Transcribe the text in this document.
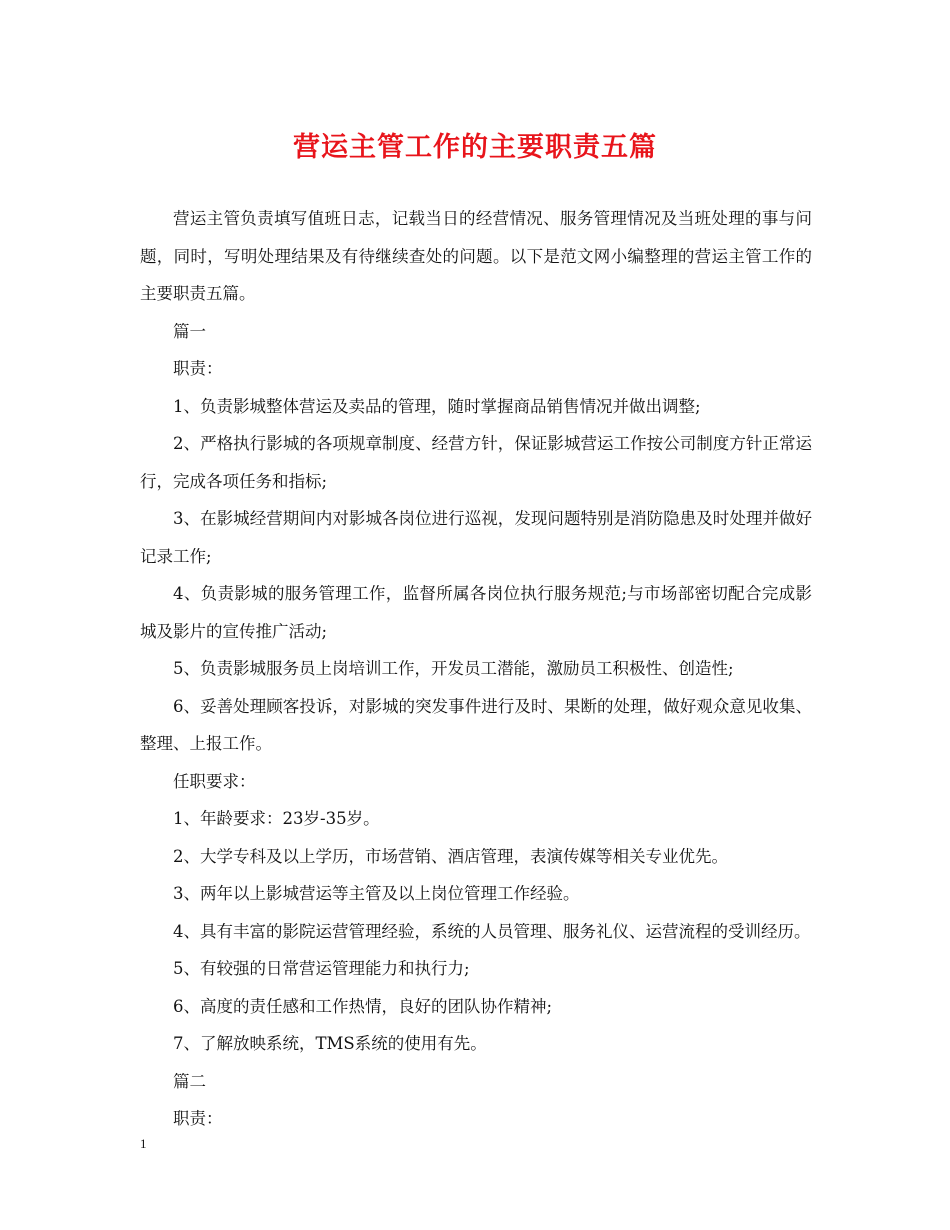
营运主管工作的主要职责五篇

营运主管负责填写值班日志，记载当日的经营情况、服务管理情况及当班处理的事与问题，同时，写明处理结果及有待继续查处的问题。以下是范文网小编整理的营运主管工作的主要职责五篇。

篇一

职责：

1、负责影城整体营运及卖品的管理，随时掌握商品销售情况并做出调整;

2、严格执行影城的各项规章制度、经营方针，保证影城营运工作按公司制度方针正常运行，完成各项任务和指标;

3、在影城经营期间内对影城各岗位进行巡视，发现问题特别是消防隐患及时处理并做好记录工作;

4、负责影城的服务管理工作，监督所属各岗位执行服务规范;与市场部密切配合完成影城及影片的宣传推广活动;

5、负责影城服务员上岗培训工作，开发员工潜能，激励员工积极性、创造性;

6、妥善处理顾客投诉，对影城的突发事件进行及时、果断的处理，做好观众意见收集、整理、上报工作。

任职要求：

1、年龄要求：23岁-35岁。

2、大学专科及以上学历，市场营销、酒店管理，表演传媒等相关专业优先。

3、两年以上影城营运等主管及以上岗位管理工作经验。

4、具有丰富的影院运营管理经验，系统的人员管理、服务礼仪、运营流程的受训经历。

5、有较强的日常营运管理能力和执行力;

6、高度的责任感和工作热情，良好的团队协作精神;

7、了解放映系统，TMS系统的使用有先。

篇二

职责：

1
